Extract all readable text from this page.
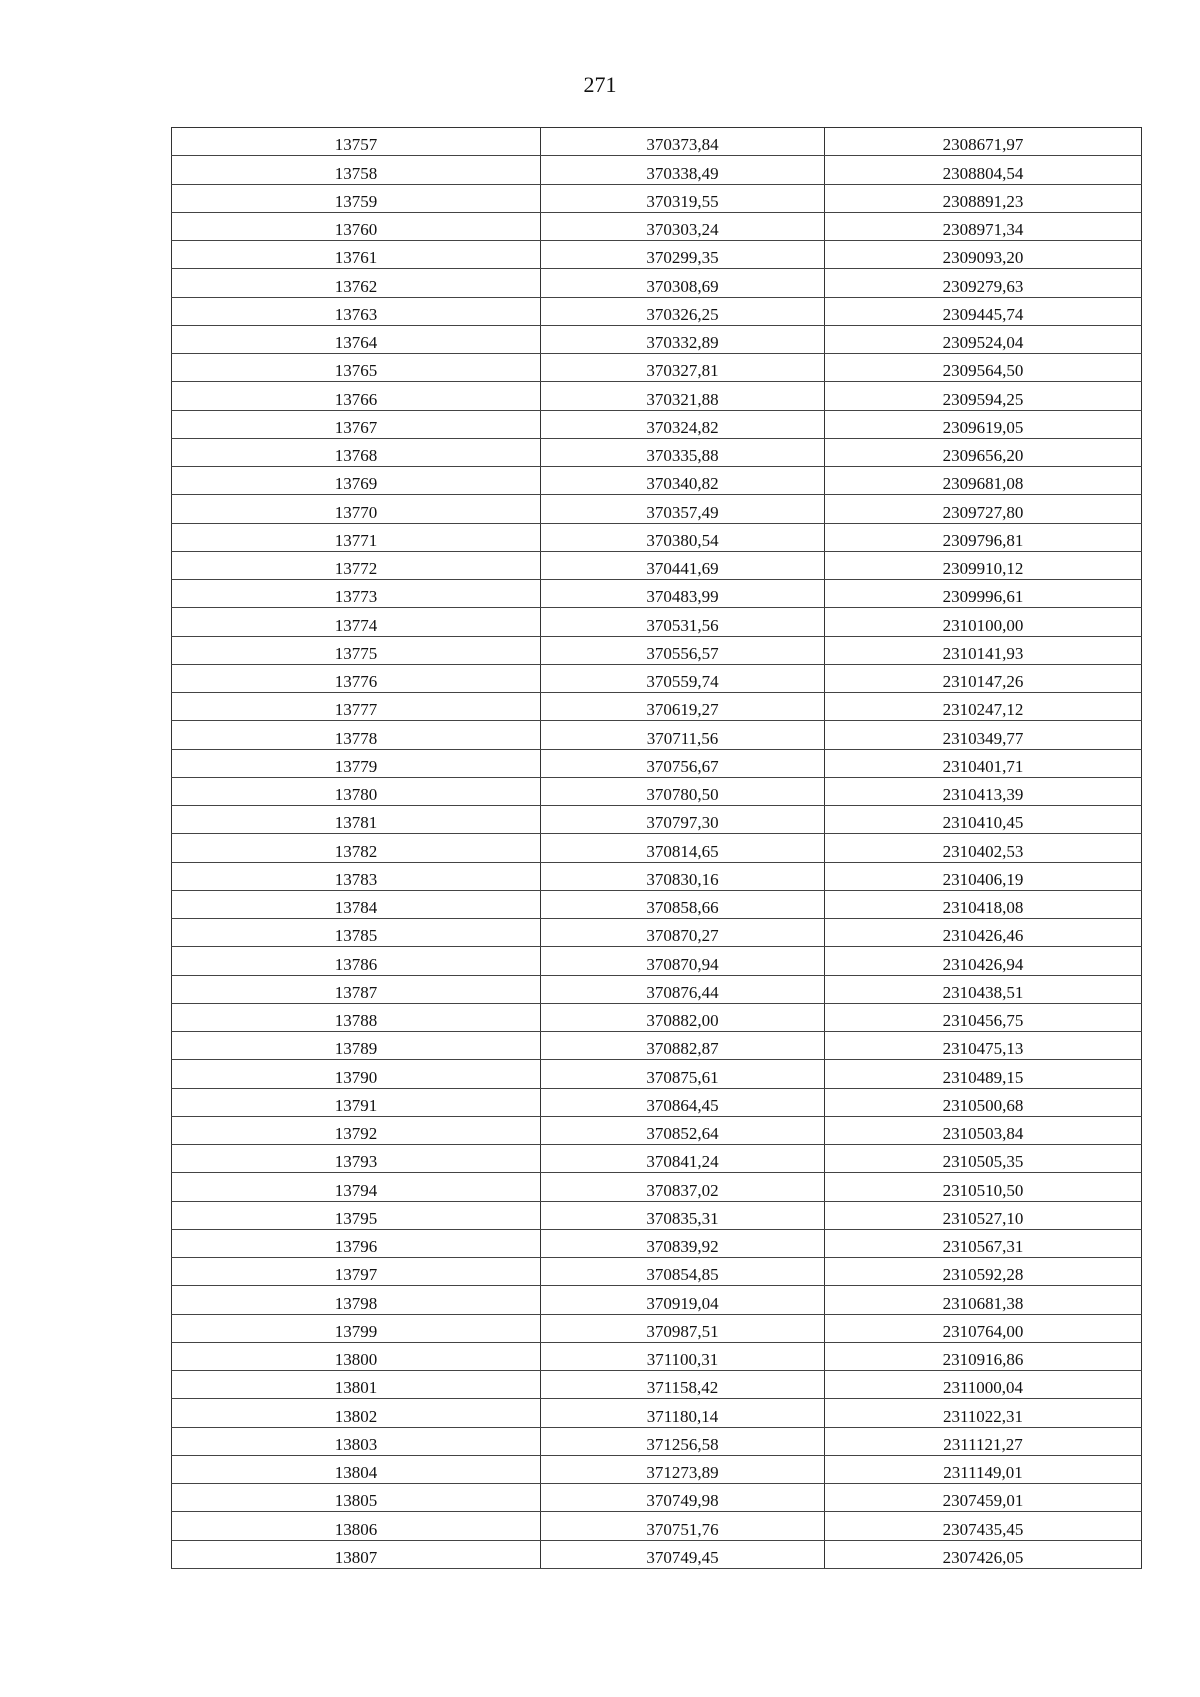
271
13757	370373,84	2308671,97
13758	370338,49	2308804,54
13759	370319,55	2308891,23
13760	370303,24	2308971,34
13761	370299,35	2309093,20
13762	370308,69	2309279,63
13763	370326,25	2309445,74
13764	370332,89	2309524,04
13765	370327,81	2309564,50
13766	370321,88	2309594,25
13767	370324,82	2309619,05
13768	370335,88	2309656,20
13769	370340,82	2309681,08
13770	370357,49	2309727,80
13771	370380,54	2309796,81
13772	370441,69	2309910,12
13773	370483,99	2309996,61
13774	370531,56	2310100,00
13775	370556,57	2310141,93
13776	370559,74	2310147,26
13777	370619,27	2310247,12
13778	370711,56	2310349,77
13779	370756,67	2310401,71
13780	370780,50	2310413,39
13781	370797,30	2310410,45
13782	370814,65	2310402,53
13783	370830,16	2310406,19
13784	370858,66	2310418,08
13785	370870,27	2310426,46
13786	370870,94	2310426,94
13787	370876,44	2310438,51
13788	370882,00	2310456,75
13789	370882,87	2310475,13
13790	370875,61	2310489,15
13791	370864,45	2310500,68
13792	370852,64	2310503,84
13793	370841,24	2310505,35
13794	370837,02	2310510,50
13795	370835,31	2310527,10
13796	370839,92	2310567,31
13797	370854,85	2310592,28
13798	370919,04	2310681,38
13799	370987,51	2310764,00
13800	371100,31	2310916,86
13801	371158,42	2311000,04
13802	371180,14	2311022,31
13803	371256,58	2311121,27
13804	371273,89	2311149,01
13805	370749,98	2307459,01
13806	370751,76	2307435,45
13807	370749,45	2307426,05
